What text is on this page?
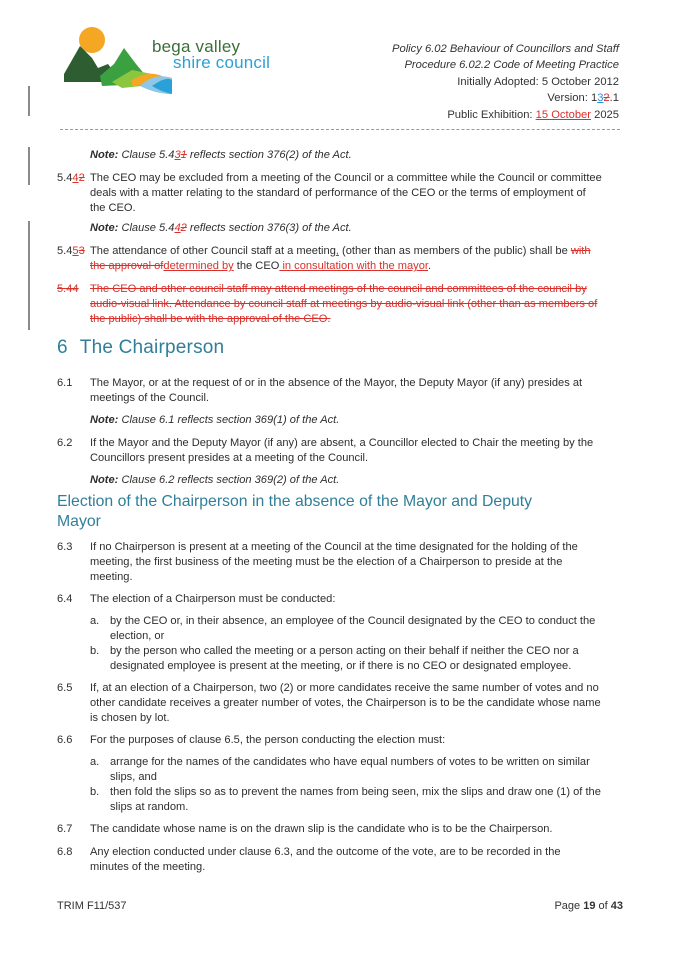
bega valley
shire council
Policy 6.02 Behaviour of Councillors and Staff
Procedure 6.02.2 Code of Meeting Practice
Initially Adopted: 5 October 2012
Version: 132.1
Public Exhibition: 15 October 2025
Note: Clause 5.431 reflects section 376(2) of the Act.
5.442 The CEO may be excluded from a meeting of the Council or a committee while the Council or committee
deals with a matter relating to the standard of performance of the CEO or the terms of employment of
the CEO.
Note: Clause 5.442 reflects section 376(3) of the Act.
5.453 The attendance of other Council staff at a meeting, (other than as members of the public) shall be with
the approval ofdetermined by the CEO in consultation with the mayor.
5.44 The CEO and other council staff may attend meetings of the council and committees of the council by
audio-visual link. Attendance by council staff at meetings by audio-visual link (other than as members of
the public) shall be with the approval of the CEO.
6 The Chairperson
6.1 The Mayor, or at the request of or in the absence of the Mayor, the Deputy Mayor (if any) presides at
meetings of the Council.
Note: Clause 6.1 reflects section 369(1) of the Act.
6.2 If the Mayor and the Deputy Mayor (if any) are absent, a Councillor elected to Chair the meeting by the
Councillors present presides at a meeting of the Council.
Note: Clause 6.2 reflects section 369(2) of the Act.
Election of the Chairperson in the absence of the Mayor and Deputy
Mayor
6.3 If no Chairperson is present at a meeting of the Council at the time designated for the holding of the
meeting, the first business of the meeting must be the election of a Chairperson to preside at the
meeting.
6.4 The election of a Chairperson must be conducted:
a. by the CEO or, in their absence, an employee of the Council designated by the CEO to conduct the
election, or
b. by the person who called the meeting or a person acting on their behalf if neither the CEO nor a
designated employee is present at the meeting, or if there is no CEO or designated employee.
6.5 If, at an election of a Chairperson, two (2) or more candidates receive the same number of votes and no
other candidate receives a greater number of votes, the Chairperson is to be the candidate whose name
is chosen by lot.
6.6 For the purposes of clause 6.5, the person conducting the election must:
a. arrange for the names of the candidates who have equal numbers of votes to be written on similar
slips, and
b. then fold the slips so as to prevent the names from being seen, mix the slips and draw one (1) of the
slips at random.
6.7 The candidate whose name is on the drawn slip is the candidate who is to be the Chairperson.
6.8 Any election conducted under clause 6.3, and the outcome of the vote, are to be recorded in the
minutes of the meeting.
TRIM F11/537	Page 19 of 43
